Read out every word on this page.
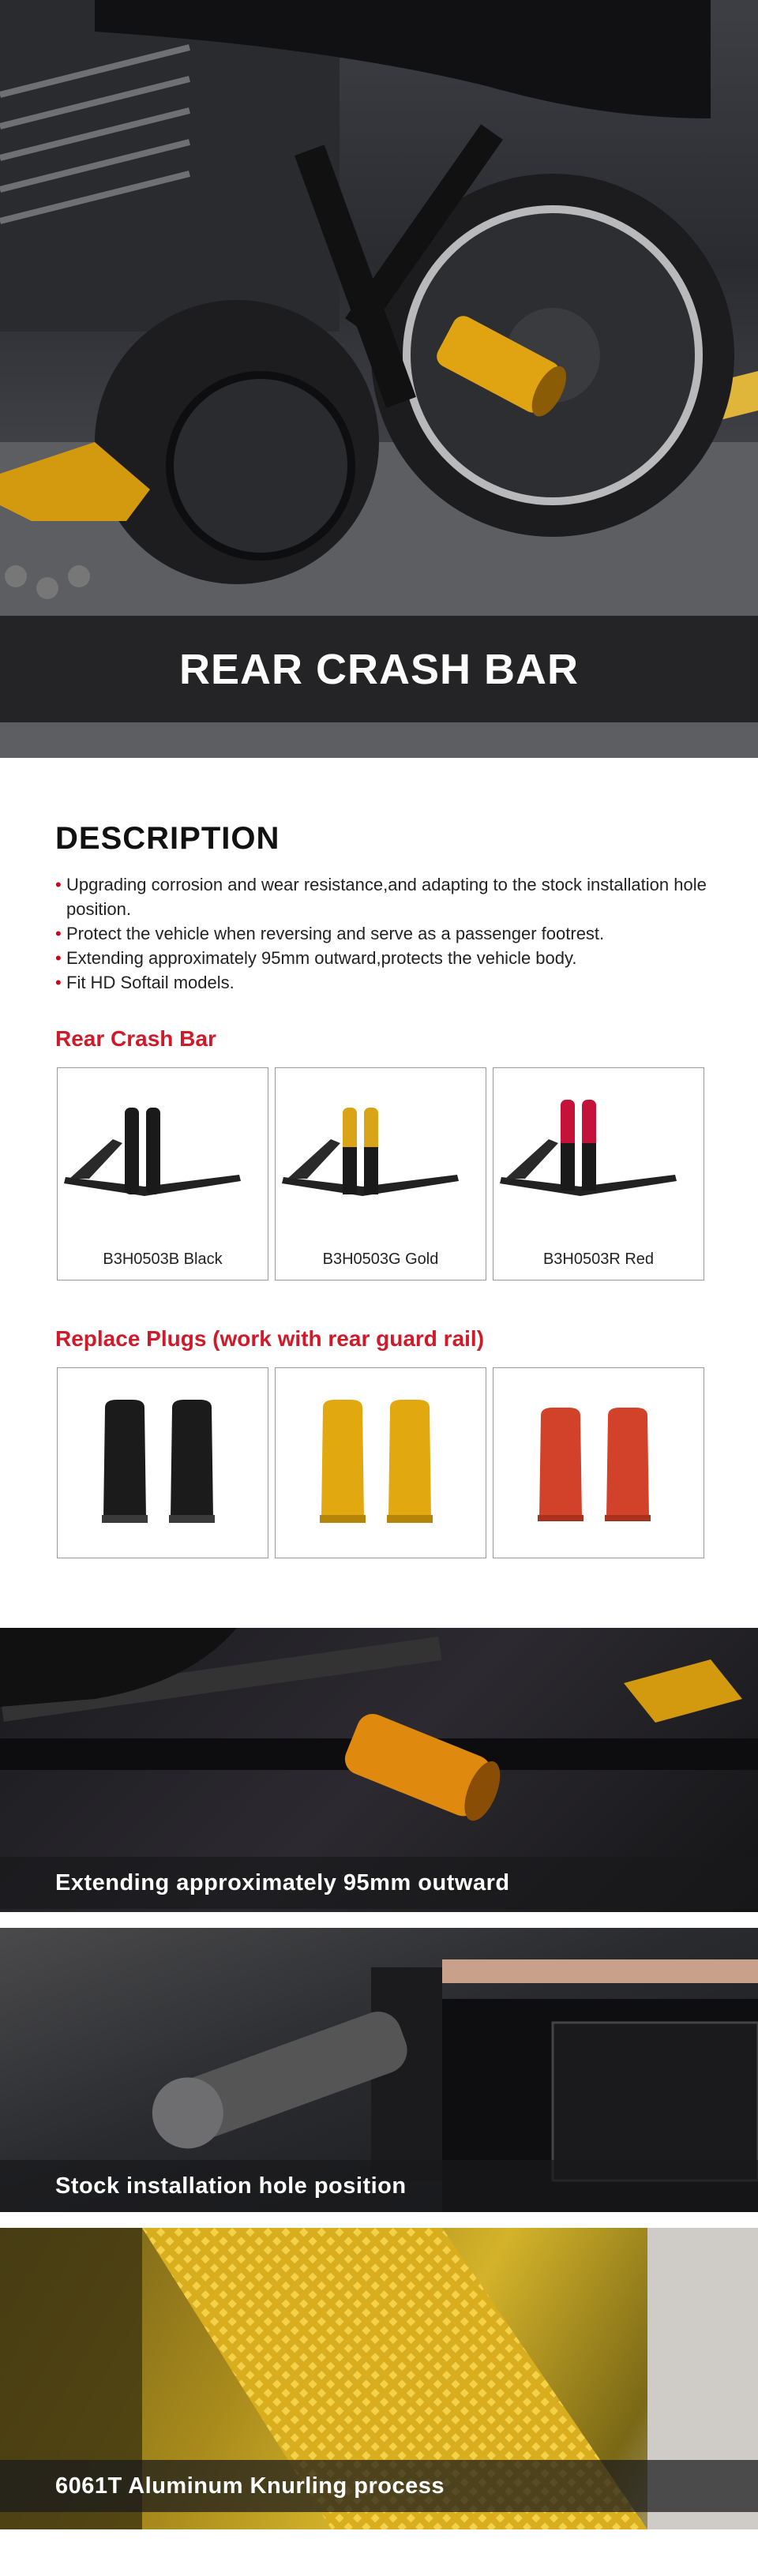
REAR CRASH BAR
DESCRIPTION
• Upgrading corrosion and wear resistance,and adapting to the stock installation hole position.
• Protect the vehicle when reversing and serve as a passenger footrest.
• Extending approximately 95mm outward,protects the vehicle body.
• Fit HD Softail models.
Rear Crash Bar
B3H0503B Black	B3H0503G Gold	B3H0503R Red
Replace Plugs (work with rear guard rail)
Extending approximately 95mm outward
Stock installation hole position
6061T Aluminum Knurling process
